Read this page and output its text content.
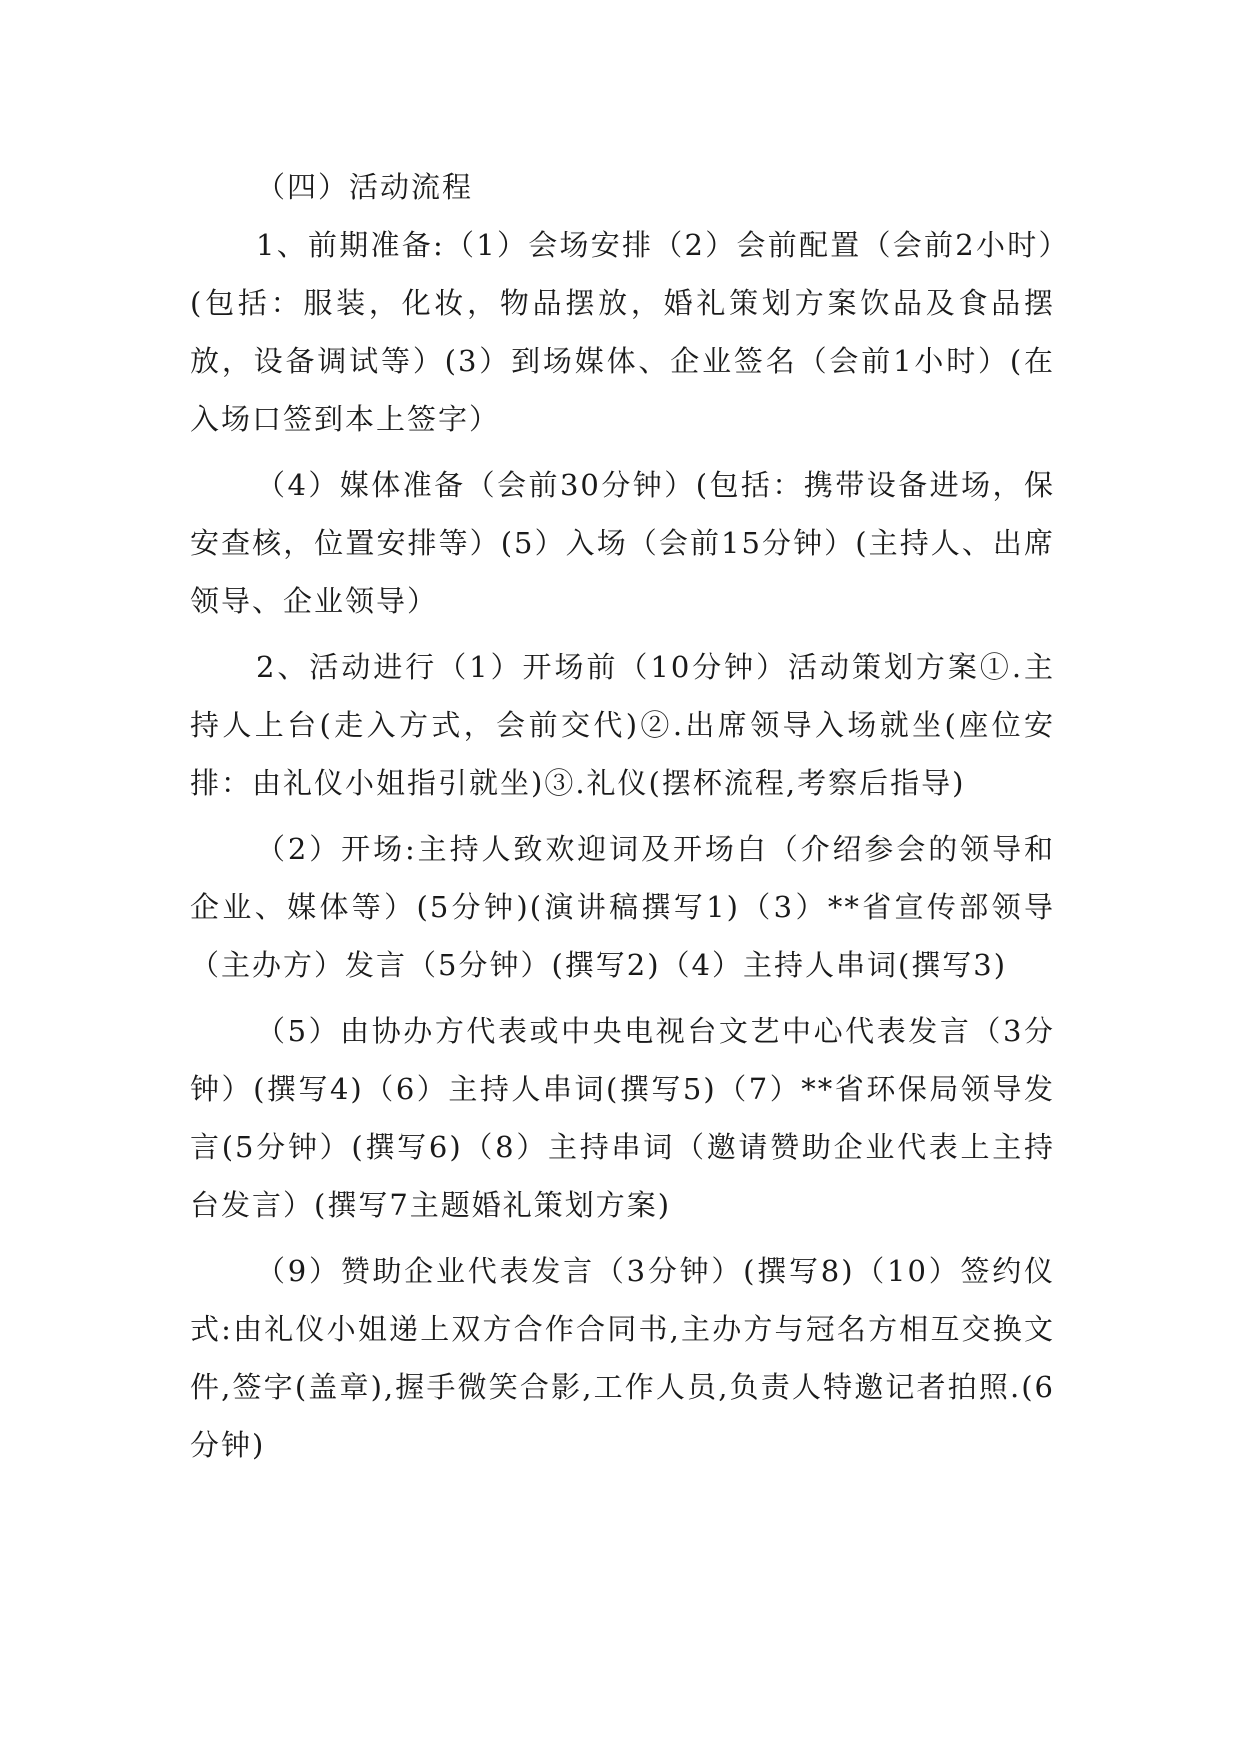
（四）活动流程

1、前期准备:（1）会场安排（2）会前配置（会前2小时）(包括：服装，化妆，物品摆放，婚礼策划方案饮品及食品摆放，设备调试等）(3）到场媒体、企业签名（会前1小时）(在入场口签到本上签字）

（4）媒体准备（会前30分钟）(包括：携带设备进场，保安查核，位置安排等）(5）入场（会前15分钟）(主持人、出席领导、企业领导）

2、活动进行（1）开场前（10分钟）活动策划方案①.主持人上台(走入方式，会前交代)②.出席领导入场就坐(座位安排：由礼仪小姐指引就坐)③.礼仪(摆杯流程,考察后指导)

（2）开场:主持人致欢迎词及开场白（介绍参会的领导和企业、媒体等）(5分钟)(演讲稿撰写1)（3）**省宣传部领导（主办方）发言（5分钟）(撰写2)（4）主持人串词(撰写3)

（5）由协办方代表或中央电视台文艺中心代表发言（3分钟）(撰写4)（6）主持人串词(撰写5)（7）**省环保局领导发言(5分钟）(撰写6)（8）主持串词（邀请赞助企业代表上主持台发言）(撰写7主题婚礼策划方案)

（9）赞助企业代表发言（3分钟）(撰写8)（10）签约仪式:由礼仪小姐递上双方合作合同书,主办方与冠名方相互交换文件,签字(盖章),握手微笑合影,工作人员,负责人特邀记者拍照.(6分钟)
